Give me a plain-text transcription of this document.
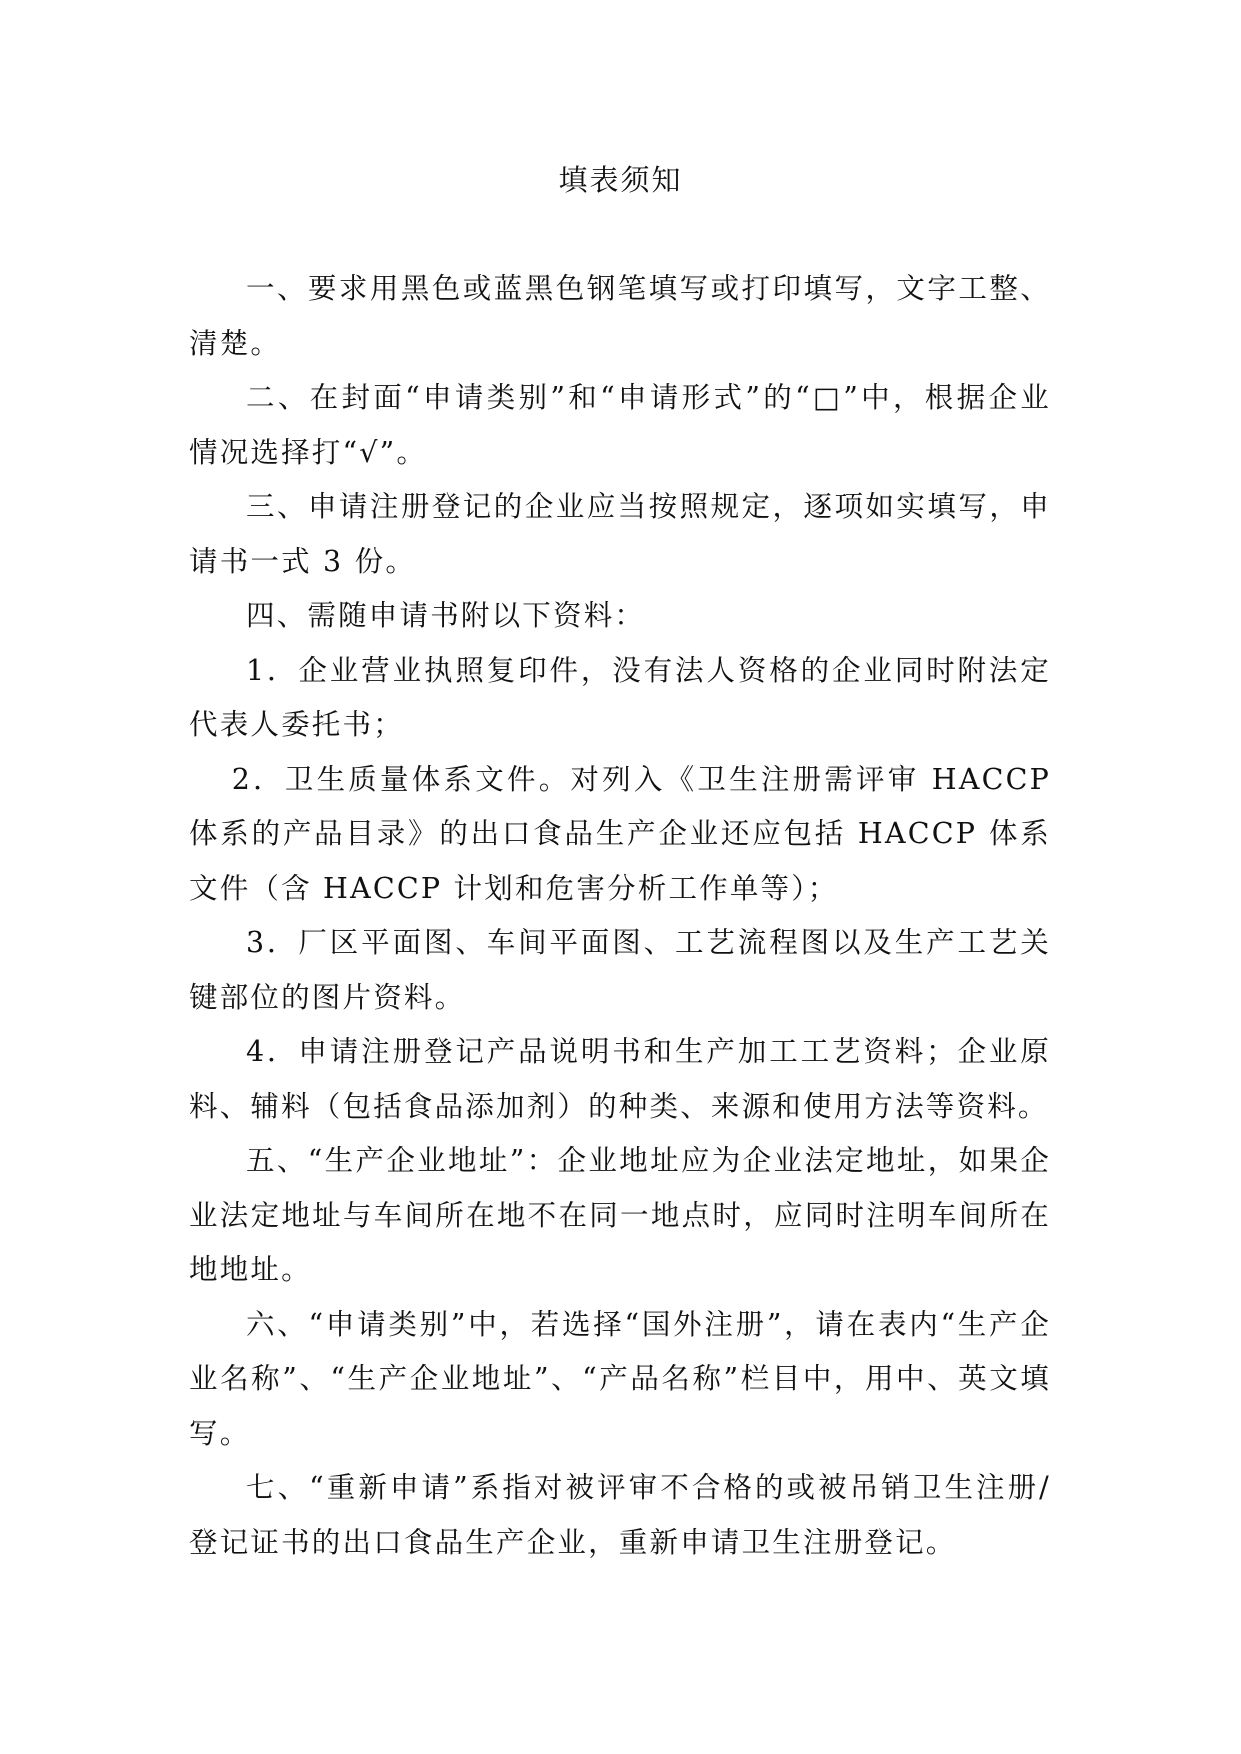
填表须知

一、要求用黑色或蓝黑色钢笔填写或打印填写，文字工整、清楚。

二、在封面“申请类别”和“申请形式”的“□”中，根据企业情况选择打“√”。

三、申请注册登记的企业应当按照规定，逐项如实填写，申请书一式 3 份。

四、需随申请书附以下资料：

1．企业营业执照复印件，没有法人资格的企业同时附法定代表人委托书；

2．卫生质量体系文件。对列入《卫生注册需评审 HACCP 体系的产品目录》的出口食品生产企业还应包括 HACCP 体系文件（含 HACCP 计划和危害分析工作单等）；

3．厂区平面图、车间平面图、工艺流程图以及生产工艺关键部位的图片资料。

4．申请注册登记产品说明书和生产加工工艺资料；企业原料、辅料（包括食品添加剂）的种类、来源和使用方法等资料。

五、“生产企业地址”：企业地址应为企业法定地址，如果企业法定地址与车间所在地不在同一地点时，应同时注明车间所在地地址。

六、“申请类别”中，若选择“国外注册”，请在表内“生产企业名称”、“生产企业地址”、“产品名称”栏目中，用中、英文填写。

七、“重新申请”系指对被评审不合格的或被吊销卫生注册/登记证书的出口食品生产企业，重新申请卫生注册登记。
